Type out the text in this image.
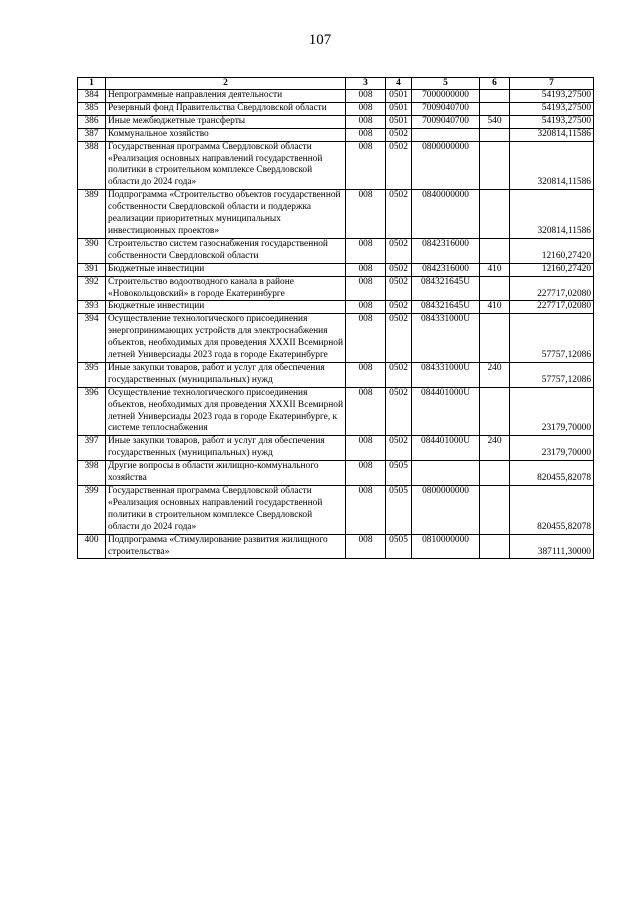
107
1	2	3	4	5	6	7
384	Непрограммные направления деятельности	008	0501	7000000000		54193,27500
385	Резервный фонд Правительства Свердловской области	008	0501	7009040700		54193,27500
386	Иные межбюджетные трансферты	008	0501	7009040700	540	54193,27500
387	Коммунальное хозяйство	008	0502			320814,11586
388	Государственная программа Свердловской области «Реализация основных направлений государственной политики в строительном комплексе Свердловской области до 2024 года»	008	0502	0800000000		320814,11586
389	Подпрограмма «Строительство объектов государственной собственности Свердловской области и поддержка реализации приоритетных муниципальных инвестиционных проектов»	008	0502	0840000000		320814,11586
390	Строительство систем газоснабжения государственной собственности Свердловской области	008	0502	0842316000		12160,27420
391	Бюджетные инвестиции	008	0502	0842316000	410	12160,27420
392	Строительство водоотводного канала в районе «Новокольцовский» в городе Екатеринбурге	008	0502	084321645U		227717,02080
393	Бюджетные инвестиции	008	0502	084321645U	410	227717,02080
394	Осуществление технологического присоединения энергопринимающих устройств для электроснабжения объектов, необходимых для проведения XXXII Всемирной летней Универсиады 2023 года в городе Екатеринбурге	008	0502	084331000U		57757,12086
395	Иные закупки товаров, работ и услуг для обеспечения государственных (муниципальных) нужд	008	0502	084331000U	240	57757,12086
396	Осуществление технологического присоединения объектов, необходимых для проведения XXXII Всемирной летней Универсиады 2023 года в городе Екатеринбурге, к системе теплоснабжения	008	0502	084401000U		23179,70000
397	Иные закупки товаров, работ и услуг для обеспечения государственных (муниципальных) нужд	008	0502	084401000U	240	23179,70000
398	Другие вопросы в области жилищно-коммунального хозяйства	008	0505			820455,82078
399	Государственная программа Свердловской области «Реализация основных направлений государственной политики в строительном комплексе Свердловской области до 2024 года»	008	0505	0800000000		820455,82078
400	Подпрограмма «Стимулирование развития жилищного строительства»	008	0505	0810000000		387111,30000
